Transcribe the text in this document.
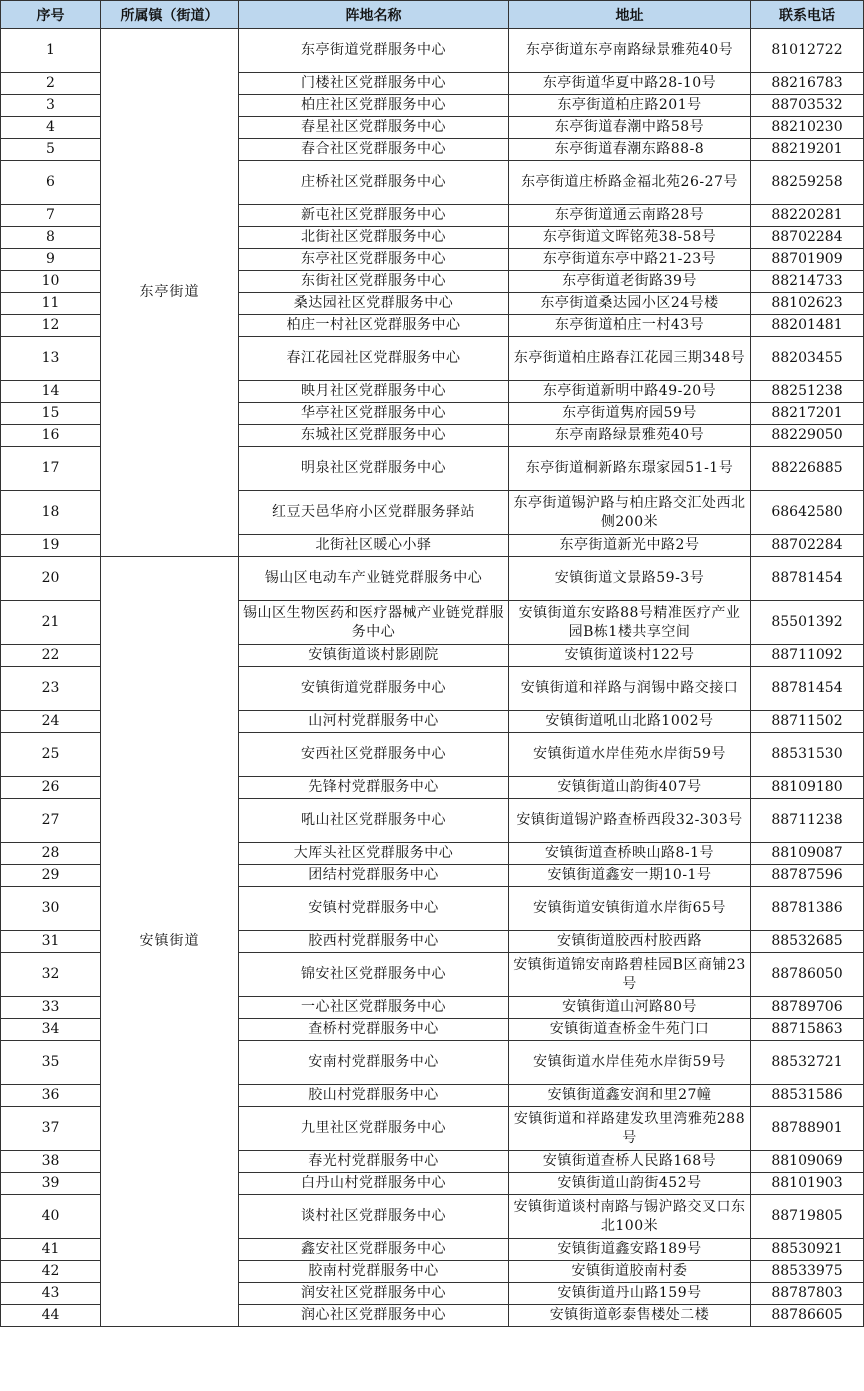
序号	所属镇（街道）	阵地名称	地址	联系电话
1	东亭街道	东亭街道党群服务中心	东亭街道东亭南路绿景雅苑40号	81012722
2		门楼社区党群服务中心	东亭街道华夏中路28-10号	88216783
3		柏庄社区党群服务中心	东亭街道柏庄路201号	88703532
4		春星社区党群服务中心	东亭街道春潮中路58号	88210230
5		春合社区党群服务中心	东亭街道春潮东路88-8	88219201
6		庄桥社区党群服务中心	东亭街道庄桥路金福北苑26-27号	88259258
7		新屯社区党群服务中心	东亭街道通云南路28号	88220281
8		北街社区党群服务中心	东亭街道文晖铭苑38-58号	88702284
9		东亭社区党群服务中心	东亭街道东亭中路21-23号	88701909
10		东街社区党群服务中心	东亭街道老街路39号	88214733
11		桑达园社区党群服务中心	东亭街道桑达园小区24号楼	88102623
12		柏庄一村社区党群服务中心	东亭街道柏庄一村43号	88201481
13		春江花园社区党群服务中心	东亭街道柏庄路春江花园三期348号	88203455
14		映月社区党群服务中心	东亭街道新明中路49-20号	88251238
15		华亭社区党群服务中心	东亭街道隽府园59号	88217201
16		东城社区党群服务中心	东亭南路绿景雅苑40号	88229050
17		明泉社区党群服务中心	东亭街道桐新路东璟家园51-1号	88226885
18		红豆天邑华府小区党群服务驿站	东亭街道锡沪路与柏庄路交汇处西北侧200米	68642580
19		北街社区暖心小驿	东亭街道新光中路2号	88702284
20	安镇街道	锡山区电动车产业链党群服务中心	安镇街道文景路59-3号	88781454
21		锡山区生物医药和医疗器械产业链党群服务中心	安镇街道东安路88号精准医疗产业园B栋1楼共享空间	85501392
22		安镇街道谈村影剧院	安镇街道谈村122号	88711092
23		安镇街道党群服务中心	安镇街道和祥路与润锡中路交接口	88781454
24		山河村党群服务中心	安镇街道吼山北路1002号	88711502
25		安西社区党群服务中心	安镇街道水岸佳苑水岸街59号	88531530
26		先锋村党群服务中心	安镇街道山韵街407号	88109180
27		吼山社区党群服务中心	安镇街道锡沪路查桥西段32-303号	88711238
28		大厍头社区党群服务中心	安镇街道查桥映山路8-1号	88109087
29		团结村党群服务中心	安镇街道鑫安一期10-1号	88787596
30		安镇村党群服务中心	安镇街道安镇街道水岸街65号	88781386
31		胶西村党群服务中心	安镇街道胶西村胶西路	88532685
32		锦安社区党群服务中心	安镇街道锦安南路碧桂园B区商铺23号	88786050
33		一心社区党群服务中心	安镇街道山河路80号	88789706
34		查桥村党群服务中心	安镇街道查桥金牛苑门口	88715863
35		安南村党群服务中心	安镇街道水岸佳苑水岸街59号	88532721
36		胶山村党群服务中心	安镇街道鑫安润和里27幢	88531586
37		九里社区党群服务中心	安镇街道和祥路建发玖里湾雅苑288号	88788901
38		春光村党群服务中心	安镇街道查桥人民路168号	88109069
39		白丹山村党群服务中心	安镇街道山韵街452号	88101903
40		谈村社区党群服务中心	安镇街道谈村南路与锡沪路交叉口东北100米	88719805
41		鑫安社区党群服务中心	安镇街道鑫安路189号	88530921
42		胶南村党群服务中心	安镇街道胶南村委	88533975
43		润安社区党群服务中心	安镇街道丹山路159号	88787803
44		润心社区党群服务中心	安镇街道彰泰售楼处二楼	88786605
